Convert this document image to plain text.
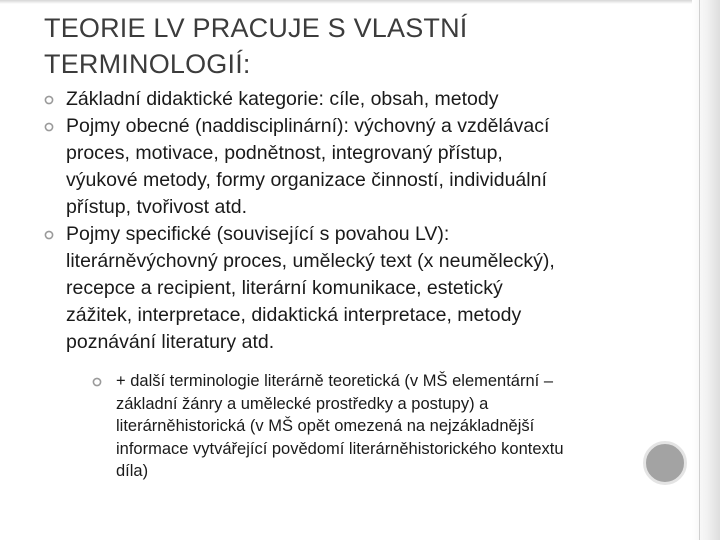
TEORIE LV PRACUJE S VLASTNÍ
TERMINOLOGIÍ:
Základní didaktické kategorie: cíle, obsah, metody
Pojmy obecné (naddisciplinární): výchovný a vzdělávací
proces, motivace, podnětnost, integrovaný přístup,
výukové metody, formy organizace činností, individuální
přístup, tvořivost atd.
Pojmy specifické (související s povahou LV):
literárněvýchovný proces, umělecký text (x neumělecký),
recepce a recipient, literární komunikace, estetický
zážitek, interpretace, didaktická interpretace, metody
poznávání literatury atd.
+ další terminologie literárně teoretická (v MŠ elementární –
základní žánry a umělecké prostředky a postupy) a
literárněhistorická (v MŠ opět omezená na nejzákladnější
informace vytvářející povědomí literárněhistorického kontextu
díla)
